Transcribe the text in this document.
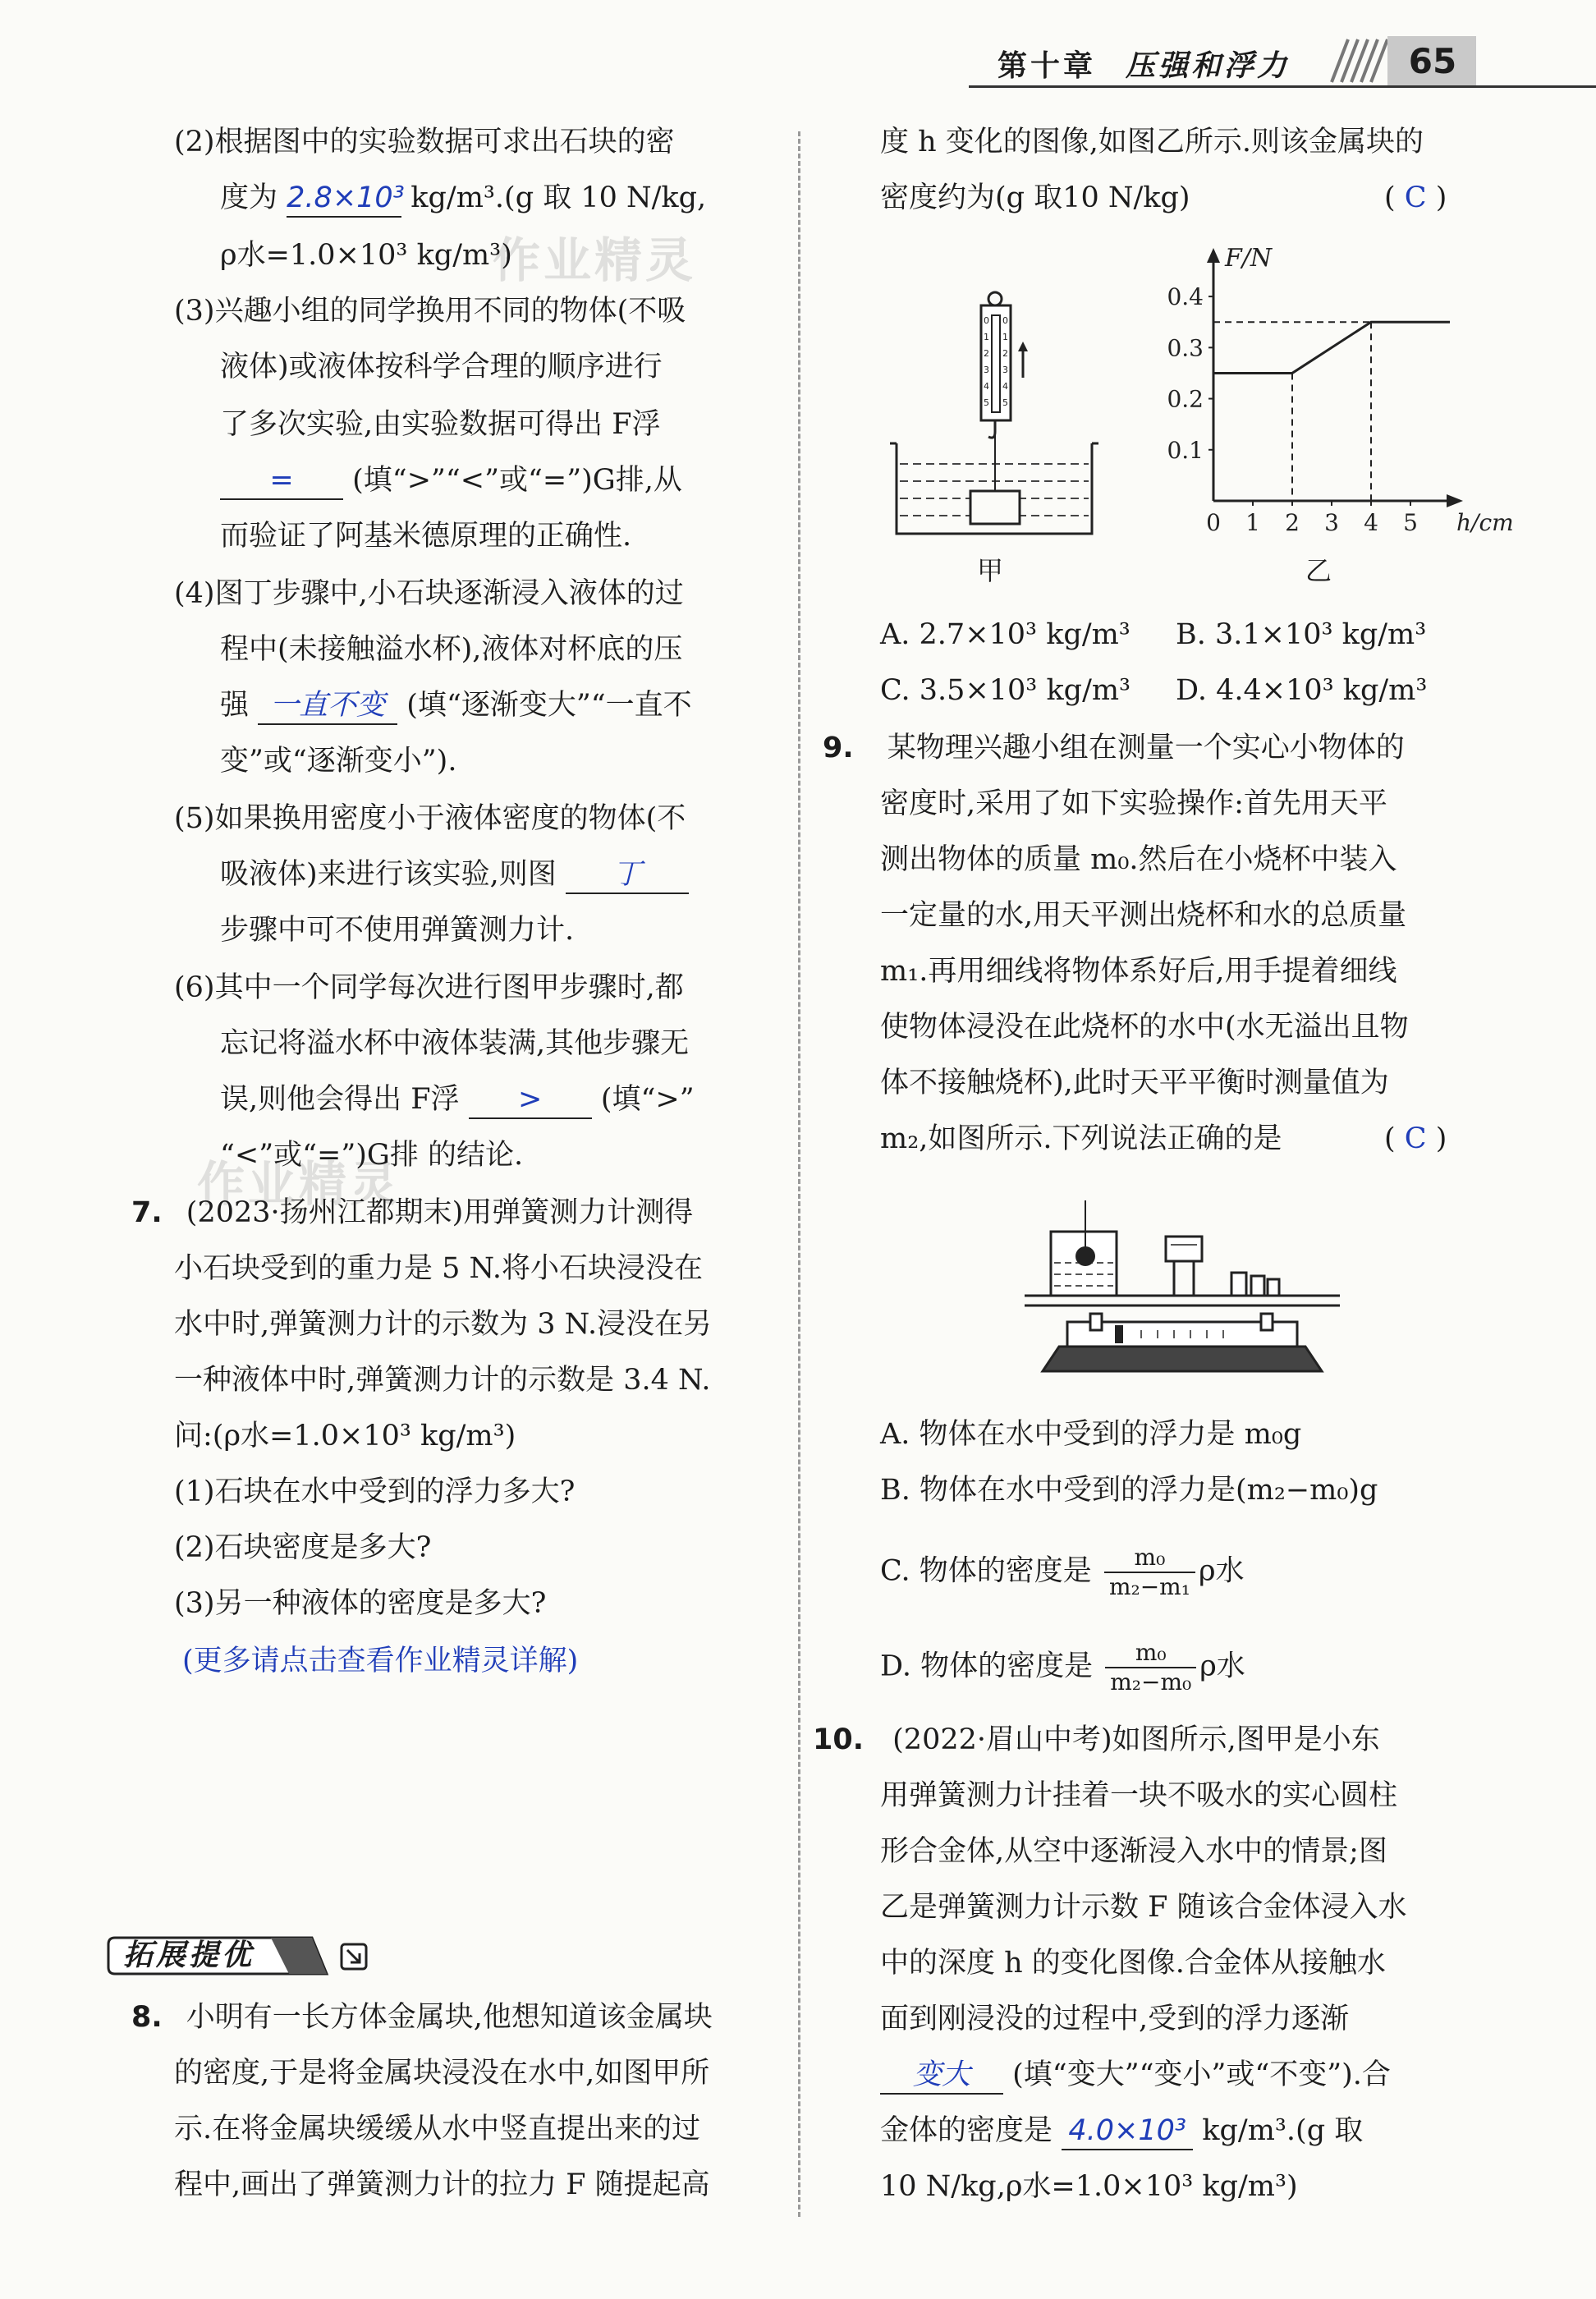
第十章 压强和浮力	65
作业精灵
作业精灵
(2)根据图中的实验数据可求出石块的密
度为 2.8×10³ kg/m³.(g 取 10 N/kg,
ρ水=1.0×10³ kg/m³)
(3)兴趣小组的同学换用不同的物体(不吸
液体)或液体按科学合理的顺序进行
了多次实验,由实验数据可得出 F浮
= (填“>”“<”或“=”)G排,从
而验证了阿基米德原理的正确性.
(4)图丁步骤中,小石块逐渐浸入液体的过
程中(未接触溢水杯),液体对杯底的压
强 一直不变 (填“逐渐变大”“一直不
变”或“逐渐变小”).
(5)如果换用密度小于液体密度的物体(不
吸液体)来进行该实验,则图 丁
步骤中可不使用弹簧测力计.
(6)其中一个同学每次进行图甲步骤时,都
忘记将溢水杯中液体装满,其他步骤无
误,则他会得出 F浮 > (填“>”
“<”或“=”)G排 的结论.
7. (2023·扬州江都期末)用弹簧测力计测得
小石块受到的重力是 5 N.将小石块浸没在
水中时,弹簧测力计的示数为 3 N.浸没在另
一种液体中时,弹簧测力计的示数是 3.4 N.
问:(ρ水=1.0×10³ kg/m³)
(1)石块在水中受到的浮力多大?
(2)石块密度是多大?
(3)另一种液体的密度是多大?
(更多请点击查看作业精灵详解)
拓展提优
8. 小明有一长方体金属块,他想知道该金属块
的密度,于是将金属块浸没在水中,如图甲所
示.在将金属块缓缓从水中竖直提出来的过
程中,画出了弹簧测力计的拉力 F 随提起高
度 h 变化的图像,如图乙所示.则该金属块的
密度约为(g 取10 N/kg)	( C )
0
1
2
3
4
5
0
1
2
3
4
5
甲
0.1
0.2
0.3
0.4
0 1 2 3 4 5
F/N
h/cm
乙
A. 2.7×10³ kg/m³ B. 3.1×10³ kg/m³
C. 3.5×10³ kg/m³ D. 4.4×10³ kg/m³
9. 某物理兴趣小组在测量一个实心小物体的
密度时,采用了如下实验操作:首先用天平
测出物体的质量 m₀.然后在小烧杯中装入
一定量的水,用天平测出烧杯和水的总质量
m₁.再用细线将物体系好后,用手提着细线
使物体浸没在此烧杯的水中(水无溢出且物
体不接触烧杯),此时天平平衡时测量值为
m₂,如图所示.下列说法正确的是	( C )
A. 物体在水中受到的浮力是 m₀g
B. 物体在水中受到的浮力是(m₂−m₀)g
C. 物体的密度是 $\frac{\text{m₀}}{\text{m₂−m₁}}$ ρ水
D. 物体的密度是 $\frac{\text{m₀}}{\text{m₂−m₀}}$ ρ水
10. (2022·眉山中考)如图所示,图甲是小东
用弹簧测力计挂着一块不吸水的实心圆柱
形合金体,从空中逐渐浸入水中的情景;图
乙是弹簧测力计示数 F 随该合金体浸入水
中的深度 h 的变化图像.合金体从接触水
面到刚浸没的过程中,受到的浮力逐渐
变大 (填“变大”“变小”或“不变”).合
金体的密度是 4.0×10³ kg/m³.(g 取
10 N/kg,ρ水=1.0×10³ kg/m³)
